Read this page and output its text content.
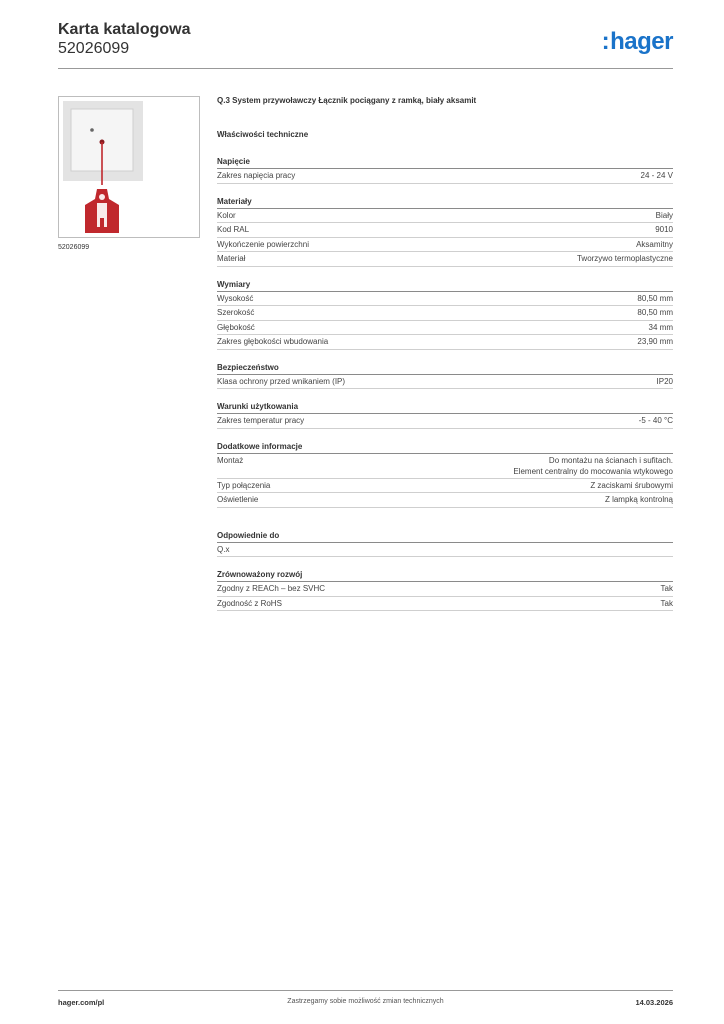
Karta katalogowa
52026099	:hager
52026099
Q.3 System przywoławczy Łącznik pociągany z ramką, biały aksamit
Właściwości techniczne
Napięcie
Zakres napięcia pracy	24 - 24 V
Materiały
Kolor	Biały
Kod RAL	9010
Wykończenie powierzchni	Aksamitny
Materiał	Tworzywo termoplastyczne
Wymiary
Wysokość	80,50 mm
Szerokość	80,50 mm
Głębokość	34 mm
Zakres głębokości wbudowania	23,90 mm
Bezpieczeństwo
Klasa ochrony przed wnikaniem (IP)	IP20
Warunki użytkowania
Zakres temperatur pracy	-5 - 40 °C
Dodatkowe informacje
Montaż	Do montażu na ścianach i sufitach.
Element centralny do mocowania wtykowego
Typ połączenia	Z zaciskami śrubowymi
Oświetlenie	Z lampką kontrolną
Odpowiednie do
Q.x
Zrównoważony rozwój
Zgodny z REACh – bez SVHC	Tak
Zgodność z RoHS	Tak
hager.com/pl	Zastrzegamy sobie możliwość zmian technicznych	14.03.2026
